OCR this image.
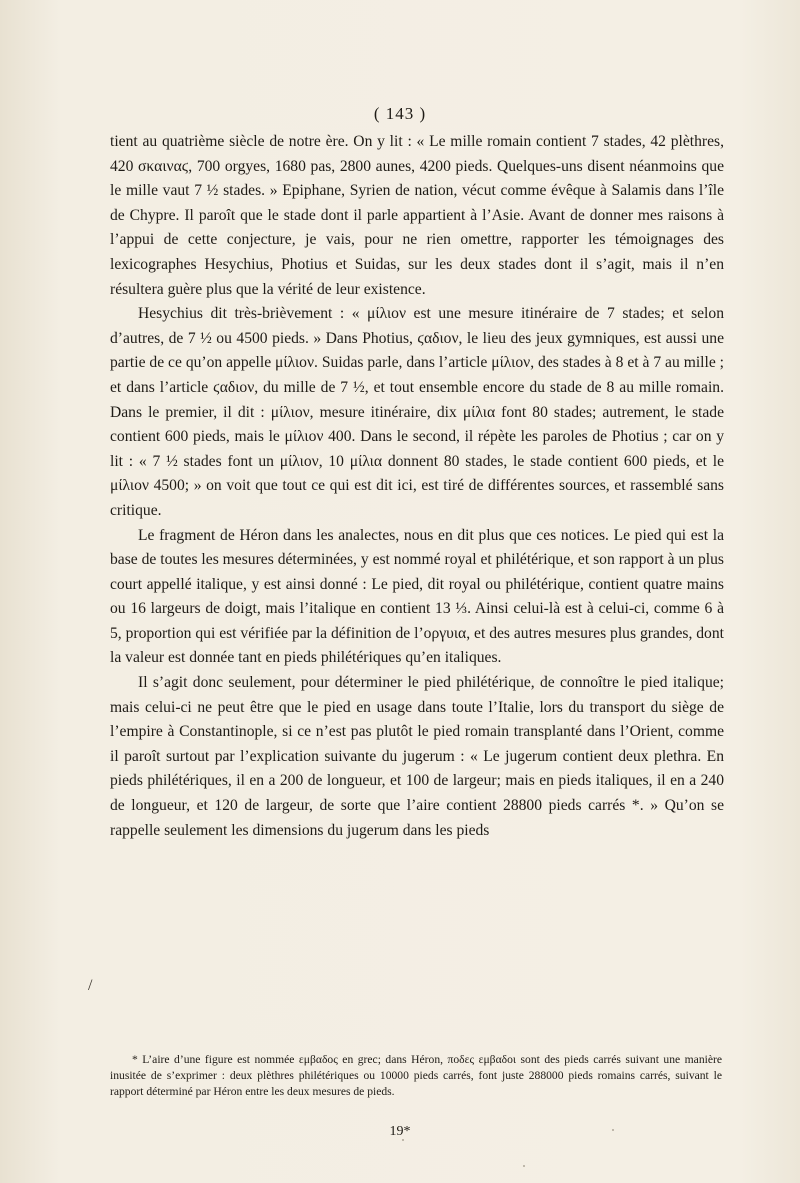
( 143 )

tient au quatrième siècle de notre ère. On y lit : « Le mille romain contient 7 stades, 42 plèthres, 420 σκαιναϛ, 700 orgyes, 1680 pas, 2800 aunes, 4200 pieds. Quelques-uns disent néanmoins que le mille vaut 7 ½ stades. » Epiphane, Syrien de nation, vécut comme évêque à Salamis dans l’île de Chypre. Il paroît que le stade dont il parle appartient à l’Asie. Avant de donner mes raisons à l’appui de cette conjecture, je vais, pour ne rien omettre, rapporter les témoignages des lexicographes Hesychius, Photius et Suidas, sur les deux stades dont il s’agit, mais il n’en résultera guère plus que la vérité de leur existence.

Hesychius dit très-brièvement : « μίλιον est une mesure itinéraire de 7 stades; et selon d’autres, de 7 ½ ou 4500 pieds. » Dans Photius, ϛαδιον, le lieu des jeux gymniques, est aussi une partie de ce qu’on appelle μίλιον. Suidas parle, dans l’article μίλιον, des stades à 8 et à 7 au mille ; et dans l’article ϛαδιον, du mille de 7 ½, et tout ensemble encore du stade de 8 au mille romain. Dans le premier, il dit : μίλιον, mesure itinéraire, dix μίλια font 80 stades; autrement, le stade contient 600 pieds, mais le μίλιον 400. Dans le second, il répète les paroles de Photius ; car on y lit : « 7 ½ stades font un μίλιον, 10 μίλια donnent 80 stades, le stade contient 600 pieds, et le μίλιον 4500; » on voit que tout ce qui est dit ici, est tiré de différentes sources, et rassemblé sans critique.

Le fragment de Héron dans les analectes, nous en dit plus que ces notices. Le pied qui est la base de toutes les mesures déterminées, y est nommé royal et philétérique, et son rapport à un plus court appellé italique, y est ainsi donné : Le pied, dit royal ou philétérique, contient quatre mains ou 16 largeurs de doigt, mais l’italique en contient 13 ⅓. Ainsi celui-là est à celui-ci, comme 6 à 5, proportion qui est vérifiée par la définition de l’οργυια, et des autres mesures plus grandes, dont la valeur est donnée tant en pieds philétériques qu’en italiques.

Il s’agit donc seulement, pour déterminer le pied philétérique, de connoître le pied italique; mais celui-ci ne peut être que le pied en usage dans toute l’Italie, lors du transport du siège de l’empire à Constantinople, si ce n’est pas plutôt le pied romain transplanté dans l’Orient, comme il paroît surtout par l’explication suivante du jugerum : « Le jugerum contient deux plethra. En pieds philétériques, il en a 200 de longueur, et 100 de largeur; mais en pieds italiques, il en a 240 de longueur, et 120 de largeur, de sorte que l’aire contient 28800 pieds carrés *. » Qu’on se rappelle seulement les dimensions du jugerum dans les pieds

/
* L’aire d’une figure est nommée εμβαδος en grec; dans Héron, ποδες εμβαδοι sont des pieds carrés suivant une manière inusitée de s’exprimer : deux plèthres philétériques ou 10000 pieds carrés, font juste 288000 pieds romains carrés, suivant le rapport déterminé par Héron entre les deux mesures de pieds.
19*
